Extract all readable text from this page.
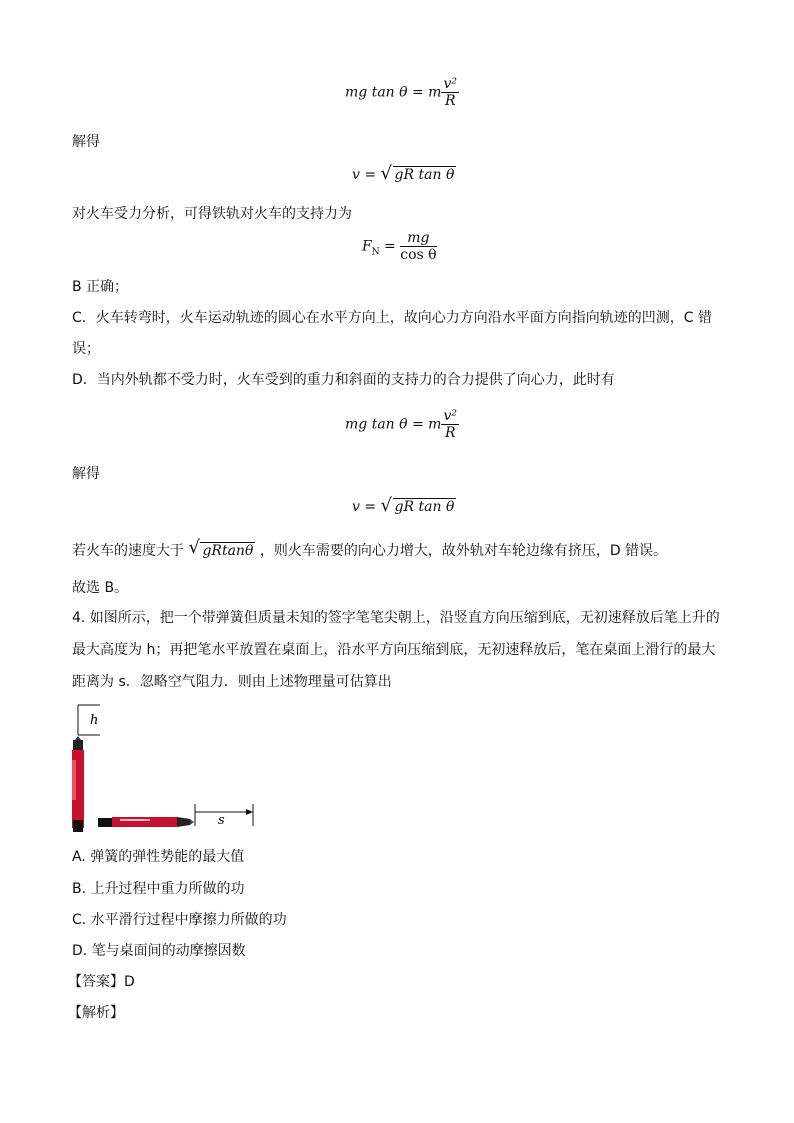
mg tan θ = m $\frac{\text{v²}}{R}$
解得
v = √ gR tan θ
对火车受力分析，可得铁轨对火车的支持力为
$F_N = \frac{mg}{\text{cos θ}}$
B 正确；
C．火车转弯时，火车运动轨迹的圆心在水平方向上，故向心力方向沿水平面方向指向轨迹的凹测，C 错
误；
D．当内外轨都不受力时，火车受到的重力和斜面的支持力的合力提供了向心力，此时有
mg tan θ = m $\frac{\text{v²}}{R}$
解得
v = √ gR tan θ
若火车的速度大于 √ gRtanθ ，则火车需要的向心力增大，故外轨对车轮边缘有挤压，D 错误。
故选 B。
4. 如图所示，把一个带弹簧但质量未知的签字笔笔尖朝上，沿竖直方向压缩到底，无初速释放后笔上升的
最大高度为 h；再把笔水平放置在桌面上，沿水平方向压缩到底，无初速释放后，笔在桌面上滑行的最大
距离为 s．忽略空气阻力．则由上述物理量可估算出
h
s
A. 弹簧的弹性势能的最大值
B. 上升过程中重力所做的功
C. 水平滑行过程中摩擦力所做的功
D. 笔与桌面间的动摩擦因数
【答案】D
【解析】
